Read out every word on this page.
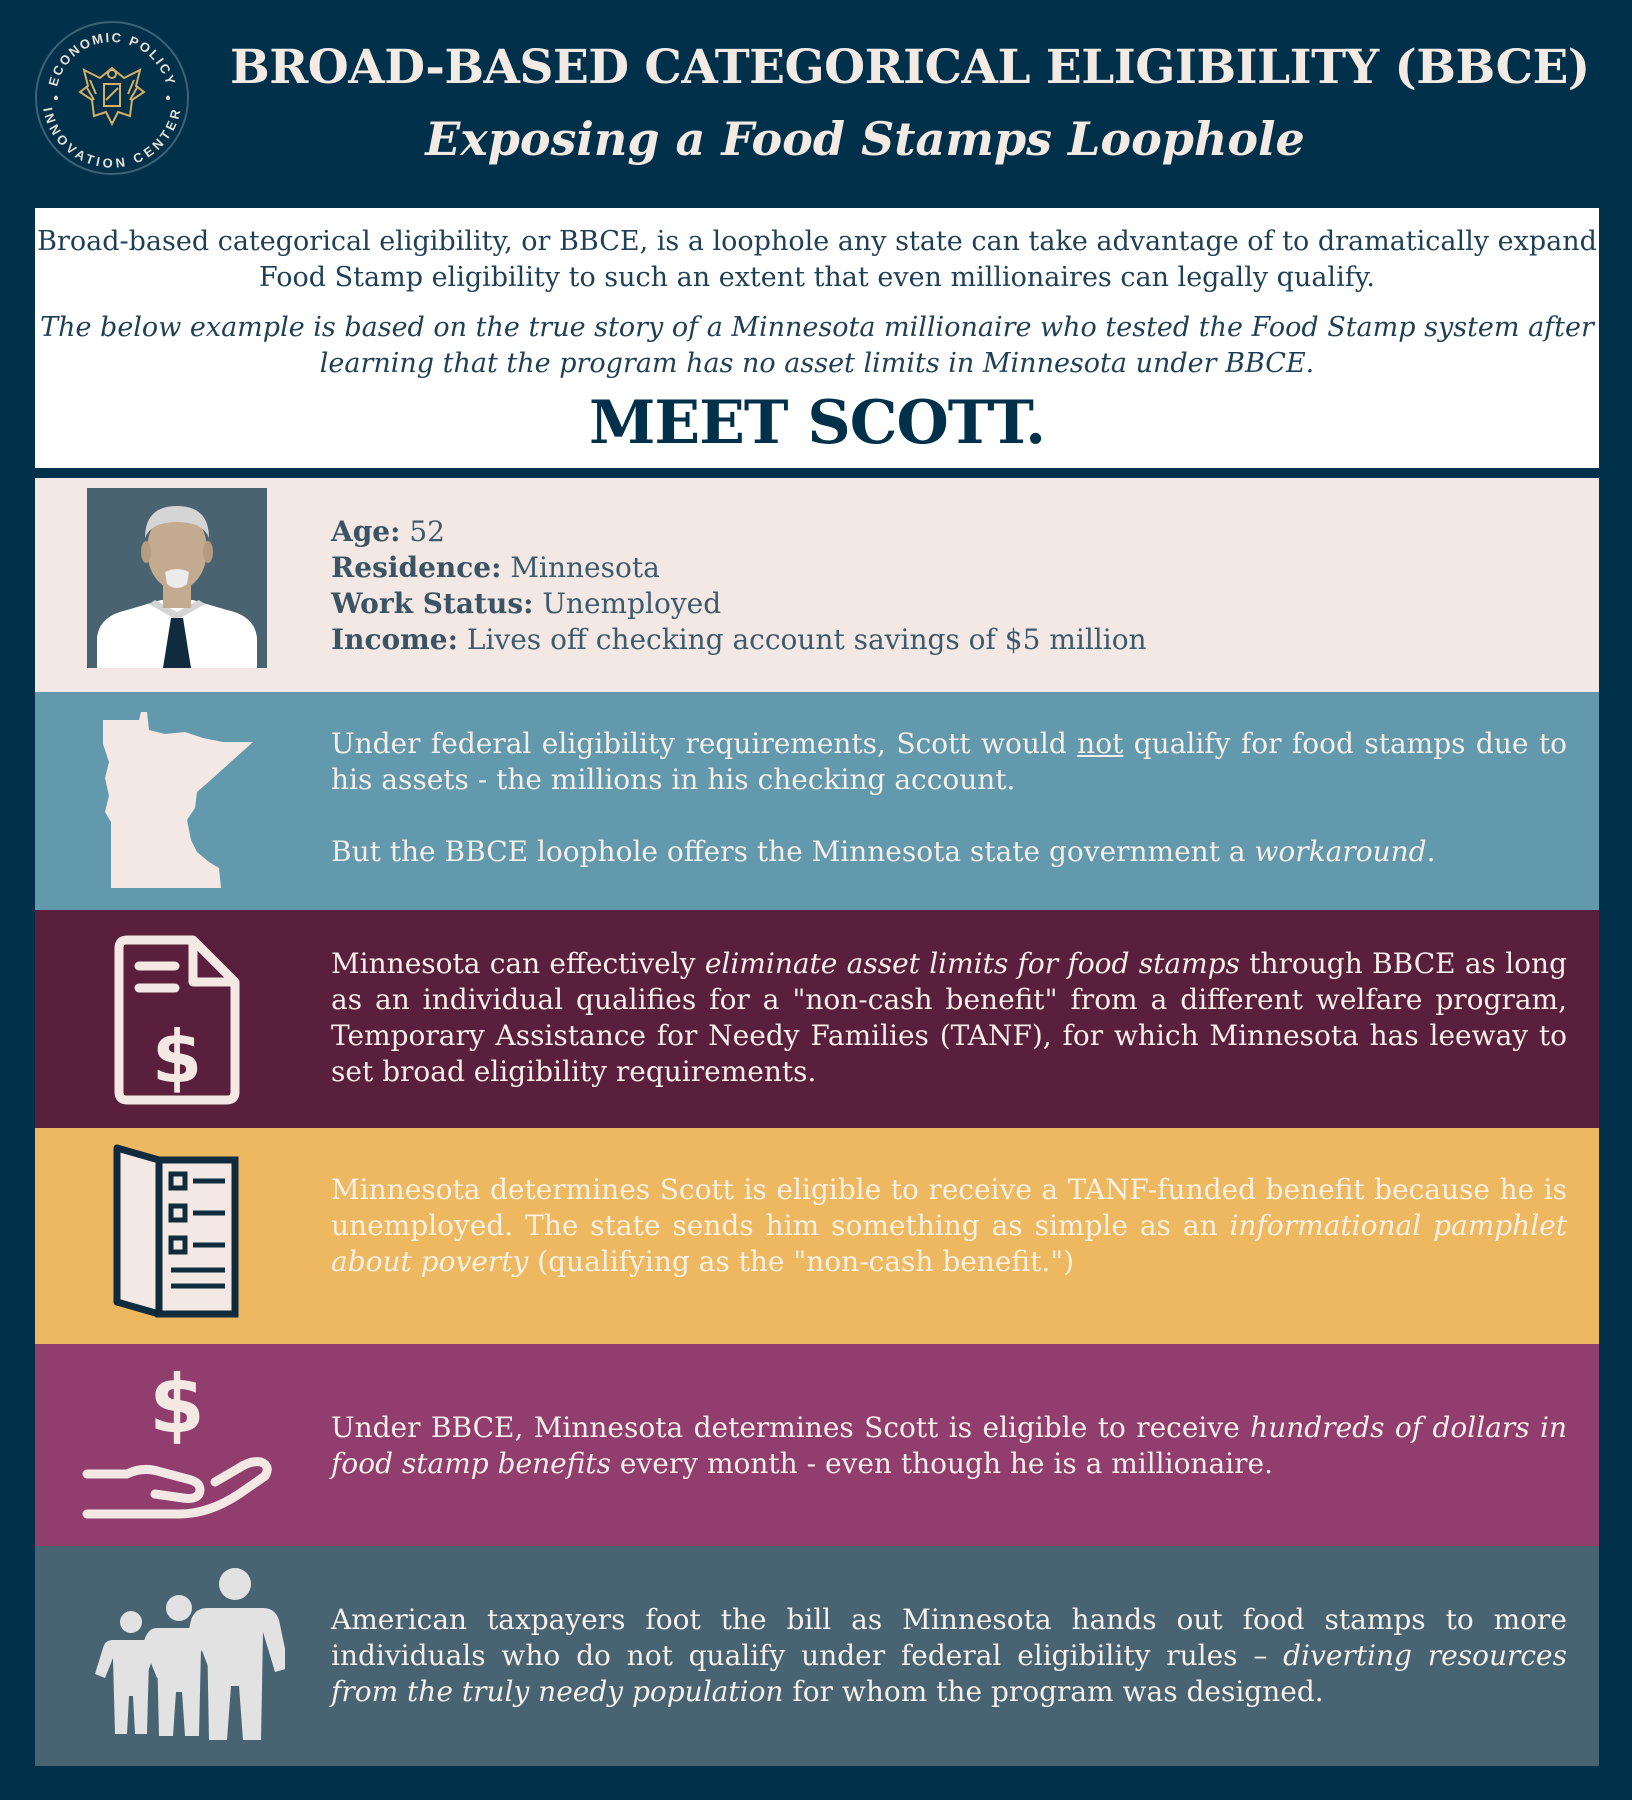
ECONOMIC POLICY
INNOVATION CENTER
BROAD-BASED CATEGORICAL ELIGIBILITY (BBCE)
Exposing a Food Stamps Loophole

Broad-based categorical eligibility, or BBCE, is a loophole any state can take advantage of to dramatically expand Food Stamp eligibility to such an extent that even millionaires can legally qualify.

The below example is based on the true story of a Minnesota millionaire who tested the Food Stamp system after learning that the program has no asset limits in Minnesota under BBCE.

MEET SCOTT.

Age: 52

Residence: Minnesota

Work Status: Unemployed

Income: Lives off checking account savings of $5 million

Under federal eligibility requirements, Scott would not qualify for food stamps due to his assets - the millions in his checking account.

But the BBCE loophole offers the Minnesota state government a workaround.

$

Minnesota can effectively eliminate asset limits for food stamps through BBCE as long as an individual qualifies for a "non-cash benefit" from a different welfare program, Temporary Assistance for Needy Families (TANF), for which Minnesota has leeway to set broad eligibility requirements.

Minnesota determines Scott is eligible to receive a TANF-funded benefit because he is unemployed. The state sends him something as simple as an informational pamphlet about poverty (qualifying as the "non-cash benefit.")

$	Under BBCE, Minnesota determines Scott is eligible to receive hundreds of dollars in food stamp benefits every month - even though he is a millionaire.

American taxpayers foot the bill as Minnesota hands out food stamps to more individuals who do not qualify under federal eligibility rules – diverting resources from the truly needy population for whom the program was designed.
